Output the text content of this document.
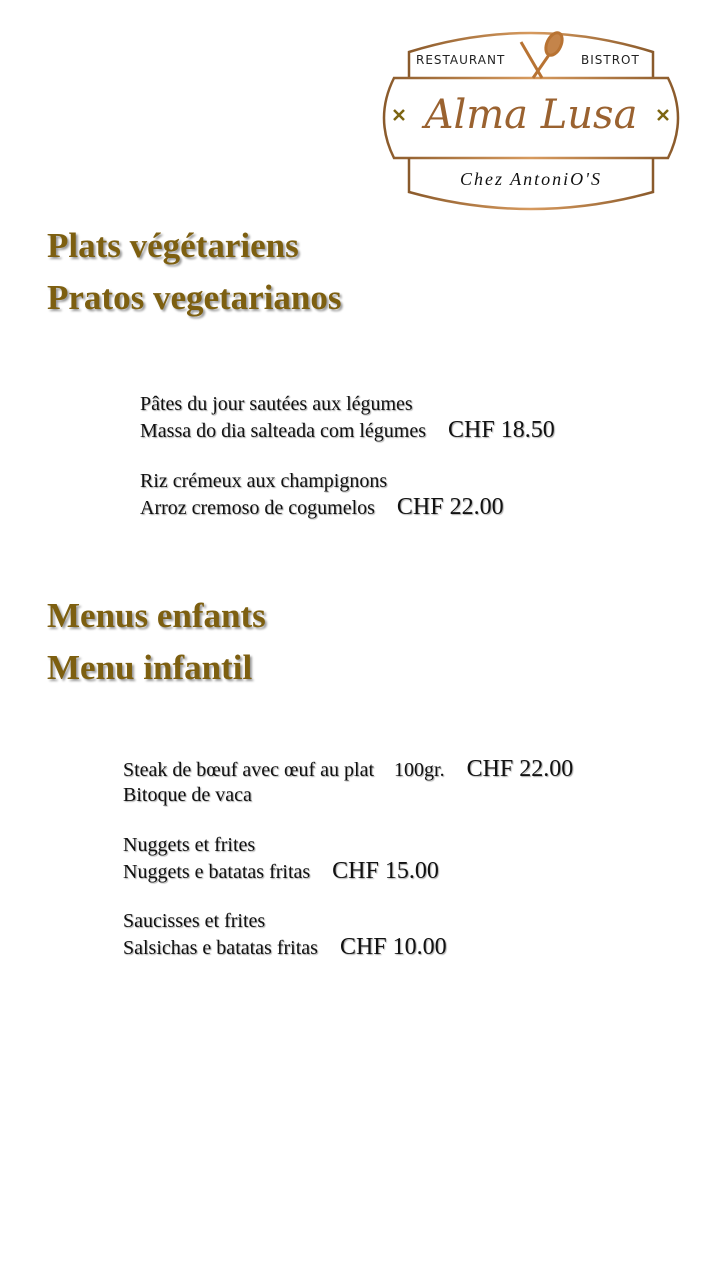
RESTAURANT	BISTROT
Alma Lusa
Chez AntoniO'S
Plats végétariens
Pratos vegetarianos
Pâtes du jour sautées aux légumes
Massa do dia salteada com légumes CHF 18.50
Riz crémeux aux champignons
Arroz cremoso de cogumelos CHF 22.00
Menus enfants
Menu infantil
Steak de bœuf avec œuf au plat 100gr. CHF 22.00
Bitoque de vaca
Nuggets et frites
Nuggets e batatas fritas CHF 15.00
Saucisses et frites
Salsichas e batatas fritas CHF 10.00
